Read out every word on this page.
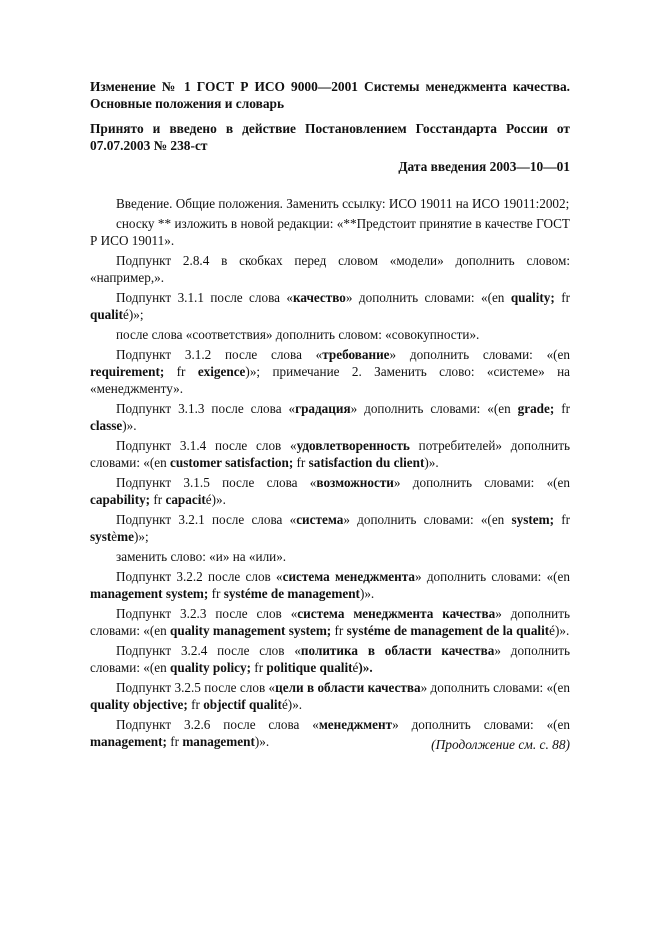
Изменение № 1 ГОСТ Р ИСО 9000—2001 Системы менеджмента качества. Основные положения и словарь

Принято и введено в действие Постановлением Госстандарта России от 07.07.2003 № 238-ст

Дата введения 2003—10—01

Введение. Общие положения. Заменить ссылку: ИСО 19011 на ИСО 19011:2002;

сноску ** изложить в новой редакции: «**Предстоит принятие в качестве ГОСТ Р ИСО 19011».

Подпункт 2.8.4 в скобках перед словом «модели» дополнить словом: «например,».

Подпункт 3.1.1 после слова «качество» дополнить словами: «(en quality; fr qualité)»;

после слова «соответствия» дополнить словом: «совокупности».

Подпункт 3.1.2 после слова «требование» дополнить словами: «(en requirement; fr exigence)»; примечание 2. Заменить слово: «системе» на «менеджменту».

Подпункт 3.1.3 после слова «градация» дополнить словами: «(en grade; fr classe)».

Подпункт 3.1.4 после слов «удовлетворенность потребителей» дополнить словами: «(en customer satisfaction; fr satisfaction du client)».

Подпункт 3.1.5 после слова «возможности» дополнить словами: «(en capability; fr capacité)».

Подпункт 3.2.1 после слова «система» дополнить словами: «(en system; fr système)»;

заменить слово: «и» на «или».

Подпункт 3.2.2 после слов «система менеджмента» дополнить словами: «(en management system; fr systéme de management)».

Подпункт 3.2.3 после слов «система менеджмента качества» дополнить словами: «(en quality management system; fr systéme de management de la qualité)».

Подпункт 3.2.4 после слов «политика в области качества» дополнить словами: «(en quality policy; fr politique qualité)».

Подпункт 3.2.5 после слов «цели в области качества» дополнить словами: «(en quality objective; fr objectif qualité)».

Подпункт 3.2.6 после слова «менеджмент» дополнить словами: «(en management; fr management)».	(Продолжение см. с. 88)
